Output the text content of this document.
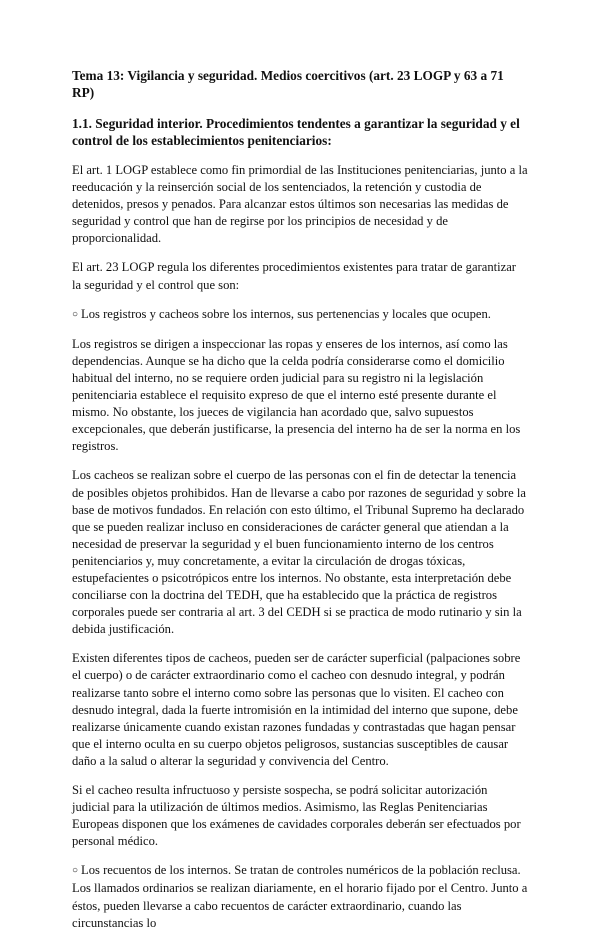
Tema 13: Vigilancia y seguridad. Medios coercitivos (art. 23 LOGP y 63 a 71 RP)
1.1. Seguridad interior. Procedimientos tendentes a garantizar la seguridad y el control de los establecimientos penitenciarios:

El art. 1 LOGP establece como fin primordial de las Instituciones penitenciarias, junto a la reeducación y la reinserción social de los sentenciados, la retención y custodia de detenidos, presos y penados. Para alcanzar estos últimos son necesarias las medidas de seguridad y control que han de regirse por los principios de necesidad y de proporcionalidad.

El art. 23 LOGP regula los diferentes procedimientos existentes para tratar de garantizar la seguridad y el control que son:

○ Los registros y cacheos sobre los internos, sus pertenencias y locales que ocupen.

Los registros se dirigen a inspeccionar las ropas y enseres de los internos, así como las dependencias. Aunque se ha dicho que la celda podría considerarse como el domicilio habitual del interno, no se requiere orden judicial para su registro ni la legislación penitenciaria establece el requisito expreso de que el interno esté presente durante el mismo. No obstante, los jueces de vigilancia han acordado que, salvo supuestos excepcionales, que deberán justificarse, la presencia del interno ha de ser la norma en los registros.

Los cacheos se realizan sobre el cuerpo de las personas con el fin de detectar la tenencia de posibles objetos prohibidos. Han de llevarse a cabo por razones de seguridad y sobre la base de motivos fundados. En relación con esto último, el Tribunal Supremo ha declarado que se pueden realizar incluso en consideraciones de carácter general que atiendan a la necesidad de preservar la seguridad y el buen funcionamiento interno de los centros penitenciarios y, muy concretamente, a evitar la circulación de drogas tóxicas, estupefacientes o psicotrópicos entre los internos. No obstante, esta interpretación debe conciliarse con la doctrina del TEDH, que ha establecido que la práctica de registros corporales puede ser contraria al art. 3 del CEDH si se practica de modo rutinario y sin la debida justificación.

Existen diferentes tipos de cacheos, pueden ser de carácter superficial (palpaciones sobre el cuerpo) o de carácter extraordinario como el cacheo con desnudo integral, y podrán realizarse tanto sobre el interno como sobre las personas que lo visiten. El cacheo con desnudo integral, dada la fuerte intromisión en la intimidad del interno que supone, debe realizarse únicamente cuando existan razones fundadas y contrastadas que hagan pensar que el interno oculta en su cuerpo objetos peligrosos, sustancias susceptibles de causar daño a la salud o alterar la seguridad y convivencia del Centro.

Si el cacheo resulta infructuoso y persiste sospecha, se podrá solicitar autorización judicial para la utilización de últimos medios. Asimismo, las Reglas Penitenciarias Europeas disponen que los exámenes de cavidades corporales deberán ser efectuados por personal médico.

○ Los recuentos de los internos. Se tratan de controles numéricos de la población reclusa. Los llamados ordinarios se realizan diariamente, en el horario fijado por el Centro. Junto a éstos, pueden llevarse a cabo recuentos de carácter extraordinario, cuando las circunstancias lo
